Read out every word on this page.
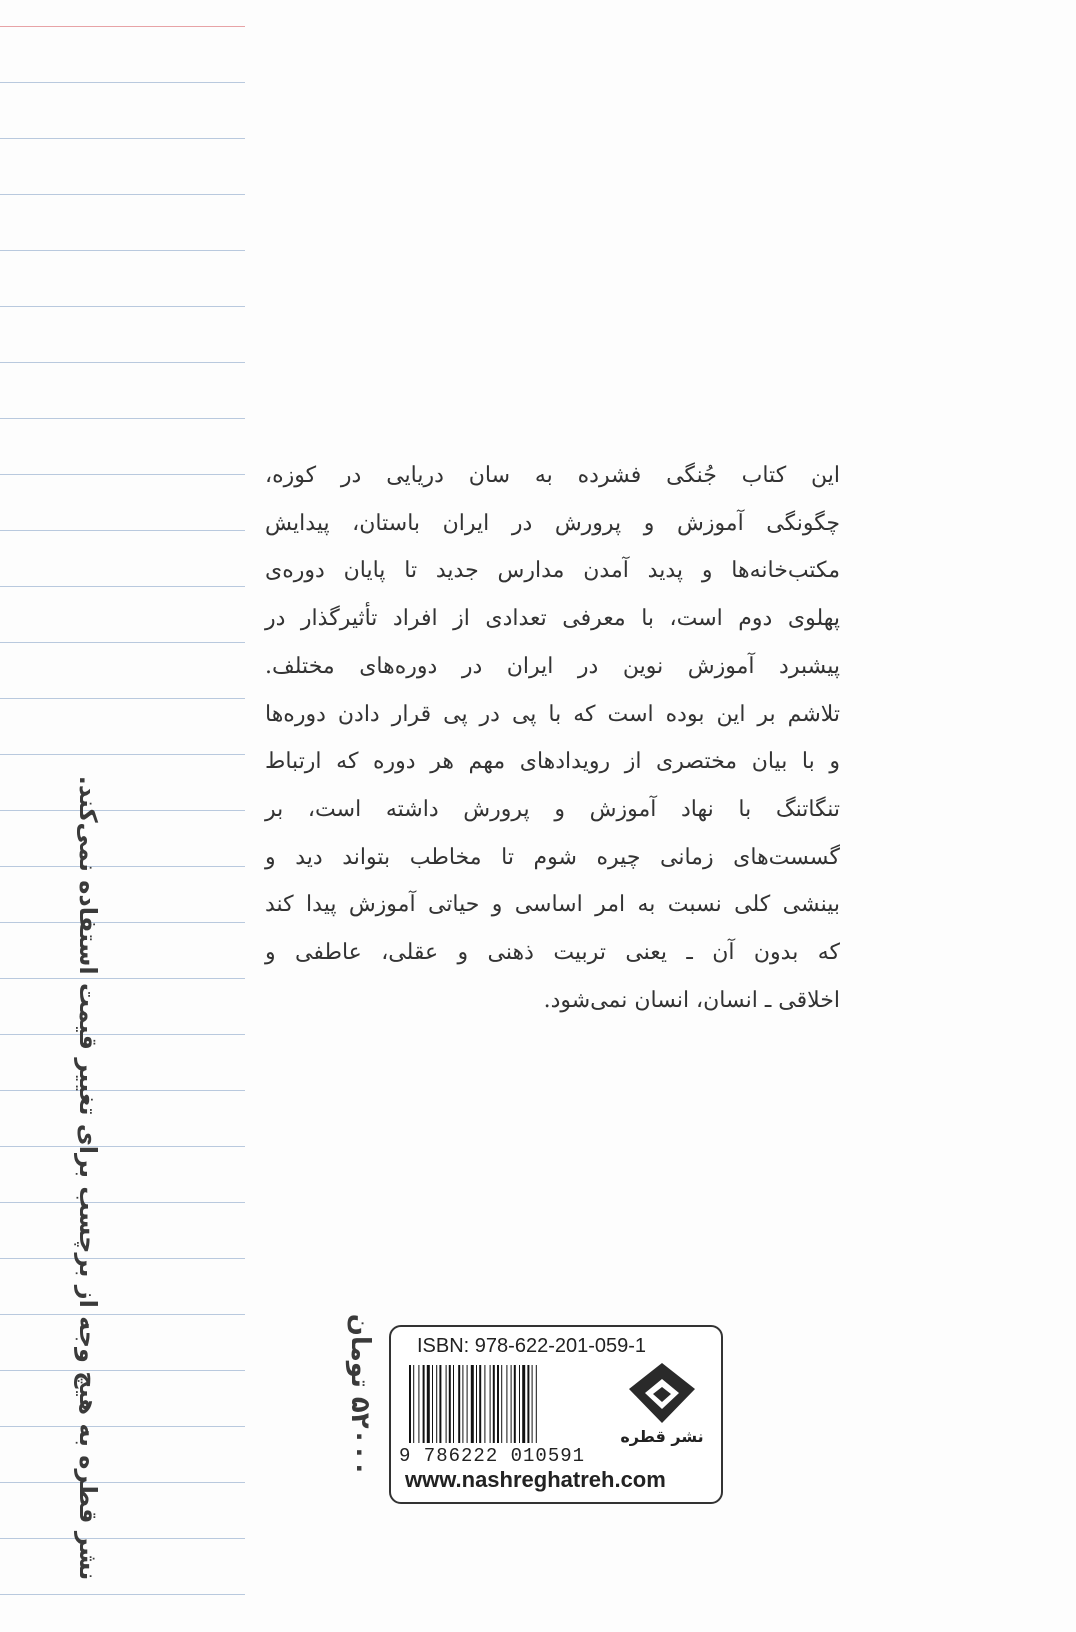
این کتاب جُنگی فشرده به سان دریایی در کوزه،
چگونگی آموزش و پرورش در ایران باستان، پیدایش
مکتب‌خانه‌ها و پدید آمدن مدارس جدید تا پایان دوره‌ی
پهلوی دوم است، با معرفی تعدادی از افراد تأثیرگذار در
پیشبرد آموزش نوین در ایران در دوره‌های مختلف.
تلاشم بر این بوده است که با پی در پی قرار دادن دوره‌ها
و با بیان مختصری از رویدادهای مهم هر دوره که ارتباط
تنگاتنگ با نهاد آموزش و پرورش داشته است، بر
گسست‌های زمانی چیره شوم تا مخاطب بتواند دید و
بینشی کلی نسبت به امر اساسی و حیاتی آموزش پیدا کند
که بدون آن ـ یعنی تربیت ذهنی و عقلی، عاطفی و
اخلاقی ـ انسان، انسان نمی‌شود.
نشر قطره به هیچ وجه از برچسب برای تغییر قیمت استفاده نمی‌کند.	۵۲۰۰۰ تومان
ISBN: 978-622-201-059-1
9 786222 010591
www.nashreghatreh.com
نشر قطره
